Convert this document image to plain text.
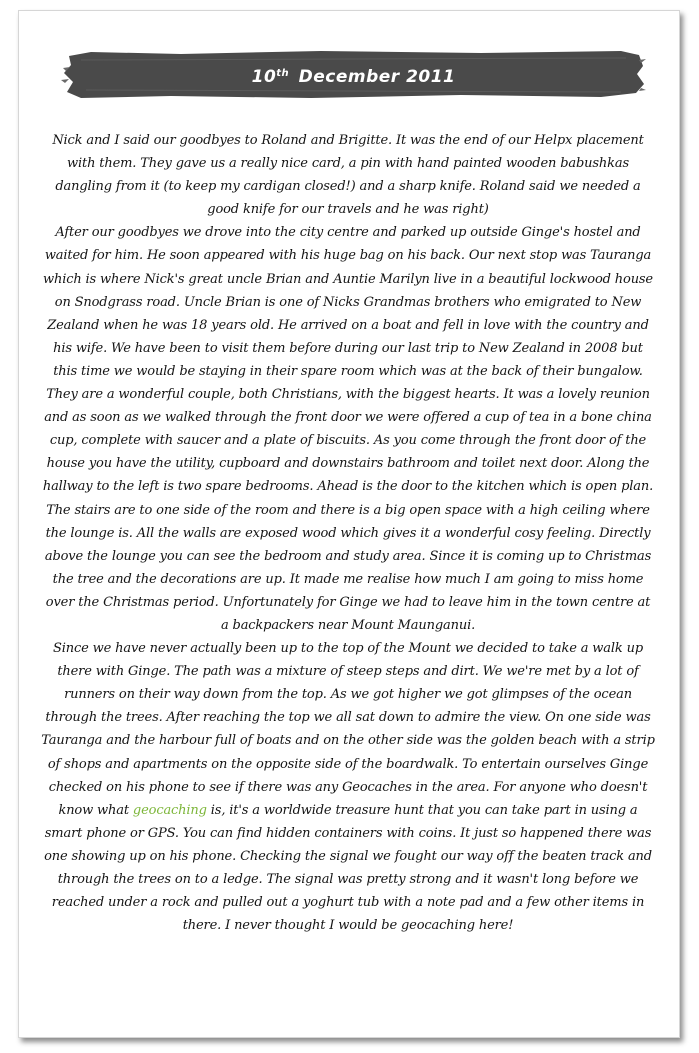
10th December 2011

Nick and I said our goodbyes to Roland and Brigitte. It was the end of our Helpx placement with them. They gave us a really nice card, a pin with hand painted wooden babushkas dangling from it (to keep my cardigan closed!) and a sharp knife. Roland said we needed a good knife for our travels and he was right)

After our goodbyes we drove into the city centre and parked up outside Ginge's hostel and waited for him. He soon appeared with his huge bag on his back. Our next stop was Tauranga which is where Nick's great uncle Brian and Auntie Marilyn live in a beautiful lockwood house on Snodgrass road. Uncle Brian is one of Nicks Grandmas brothers who emigrated to New Zealand when he was 18 years old. He arrived on a boat and fell in love with the country and his wife. We have been to visit them before during our last trip to New Zealand in 2008 but this time we would be staying in their spare room which was at the back of their bungalow. They are a wonderful couple, both Christians, with the biggest hearts. It was a lovely reunion and as soon as we walked through the front door we were offered a cup of tea in a bone china cup, complete with saucer and a plate of biscuits. As you come through the front door of the house you have the utility, cupboard and downstairs bathroom and toilet next door. Along the hallway to the left is two spare bedrooms. Ahead is the door to the kitchen which is open plan. The stairs are to one side of the room and there is a big open space with a high ceiling where the lounge is. All the walls are exposed wood which gives it a wonderful cosy feeling. Directly above the lounge you can see the bedroom and study area. Since it is coming up to Christmas the tree and the decorations are up. It made me realise how much I am going to miss home over the Christmas period. Unfortunately for Ginge we had to leave him in the town centre at a backpackers near Mount Maunganui.

Since we have never actually been up to the top of the Mount we decided to take a walk up there with Ginge. The path was a mixture of steep steps and dirt. We we're met by a lot of runners on their way down from the top. As we got higher we got glimpses of the ocean through the trees. After reaching the top we all sat down to admire the view. On one side was Tauranga and the harbour full of boats and on the other side was the golden beach with a strip of shops and apartments on the opposite side of the boardwalk. To entertain ourselves Ginge checked on his phone to see if there was any Geocaches in the area. For anyone who doesn't know what geocaching is, it's a worldwide treasure hunt that you can take part in using a smart phone or GPS. You can find hidden containers with coins. It just so happened there was one showing up on his phone. Checking the signal we fought our way off the beaten track and through the trees on to a ledge. The signal was pretty strong and it wasn't long before we reached under a rock and pulled out a yoghurt tub with a note pad and a few other items in there. I never thought I would be geocaching here!
